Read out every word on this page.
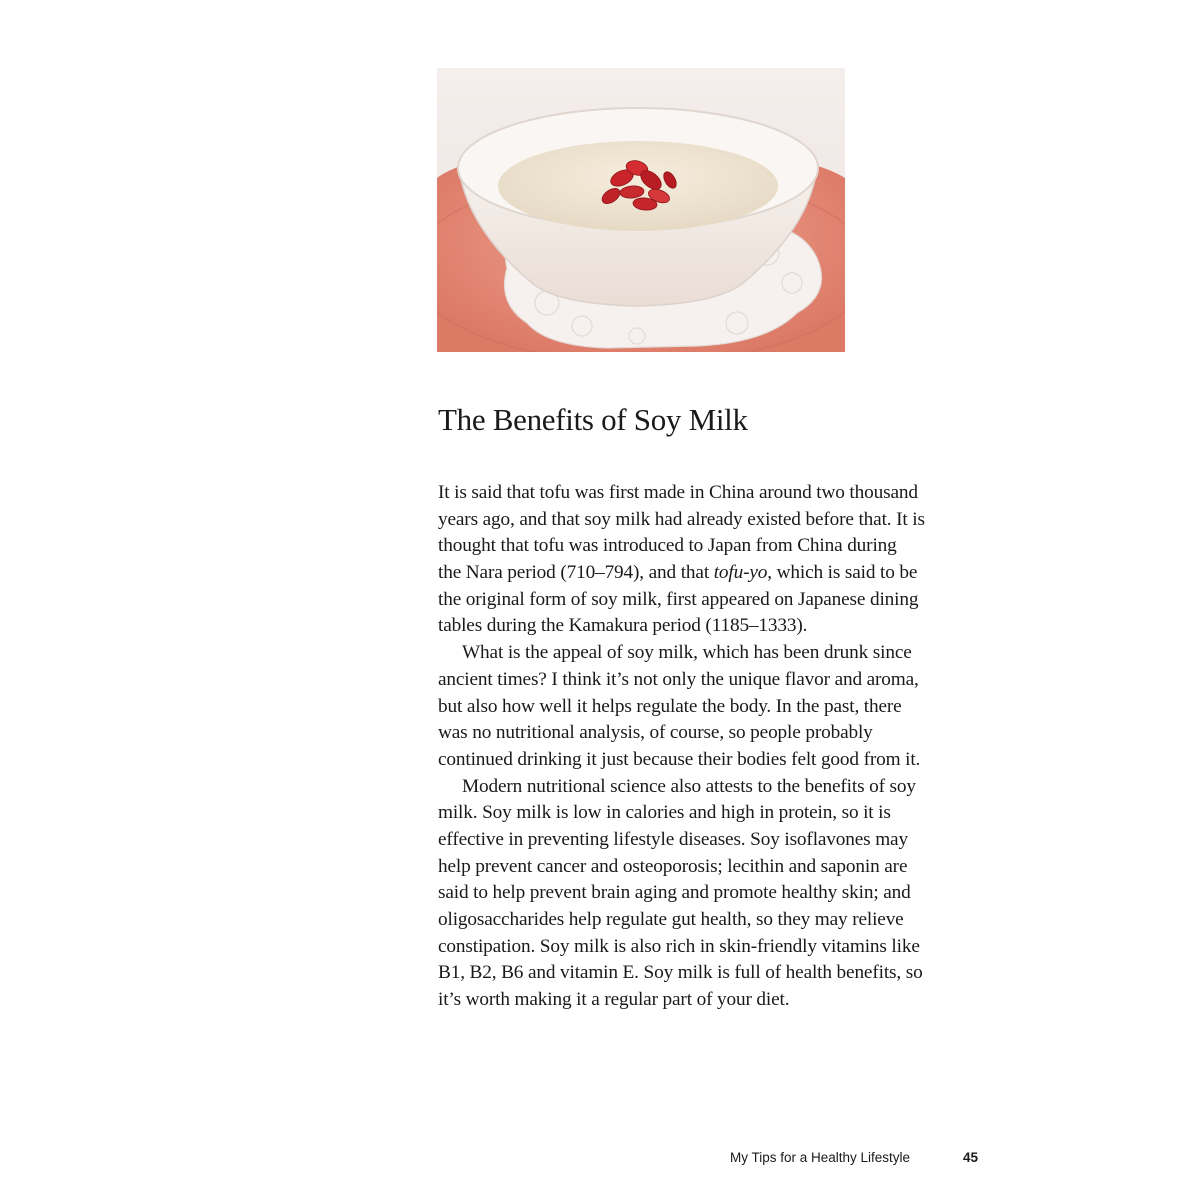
The Benefits of Soy Milk
It is said that tofu was first made in China around two thousand
years ago, and that soy milk had already existed before that. It is
thought that tofu was introduced to Japan from China during
the Nara period (710–794), and that tofu-yo, which is said to be
the original form of soy milk, first appeared on Japanese dining
tables during the Kamakura period (1185–1333).
What is the appeal of soy milk, which has been drunk since
ancient times? I think it’s not only the unique flavor and aroma,
but also how well it helps regulate the body. In the past, there
was no nutritional analysis, of course, so people probably
continued drinking it just because their bodies felt good from it.
Modern nutritional science also attests to the benefits of soy
milk. Soy milk is low in calories and high in protein, so it is
effective in preventing lifestyle diseases. Soy isoflavones may
help prevent cancer and osteoporosis; lecithin and saponin are
said to help prevent brain aging and promote healthy skin; and
oligosaccharides help regulate gut health, so they may relieve
constipation. Soy milk is also rich in skin-friendly vitamins like
B1, B2, B6 and vitamin E. Soy milk is full of health benefits, so
it’s worth making it a regular part of your diet.
My Tips for a Healthy Lifestyle	45
